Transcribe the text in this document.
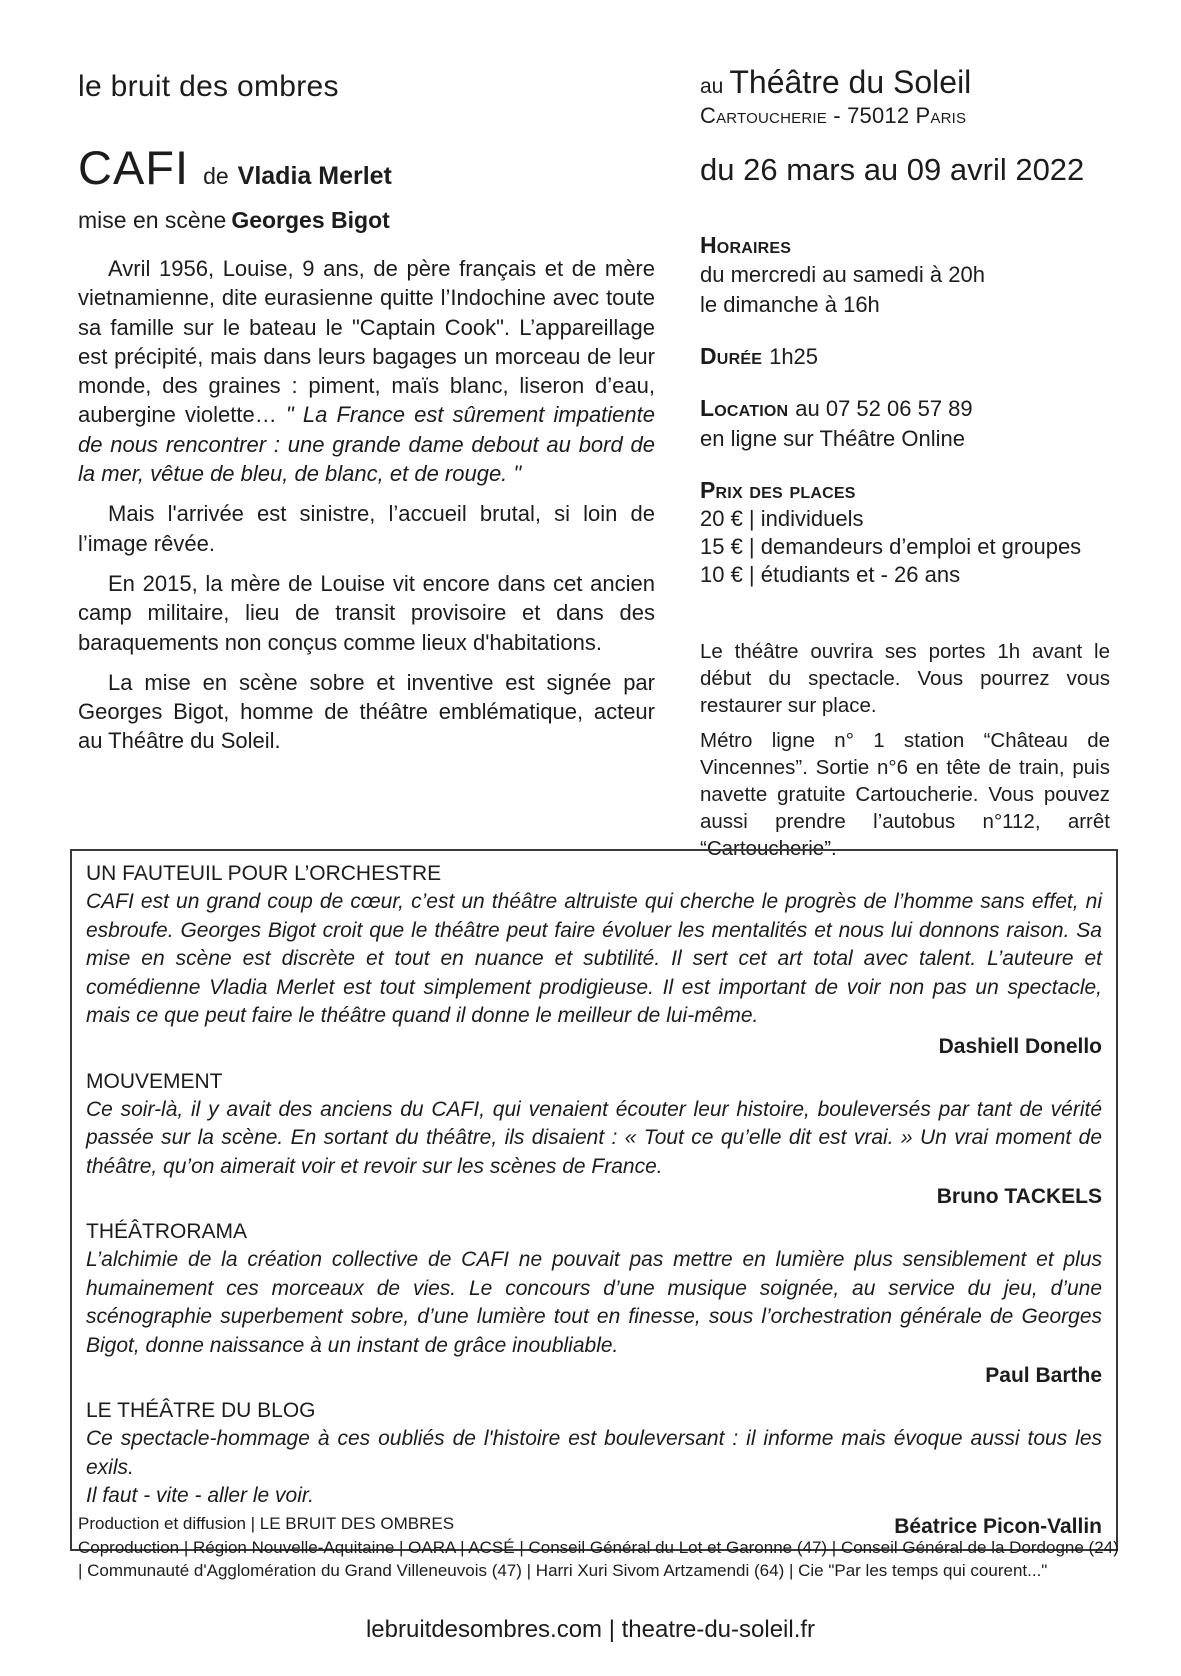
le bruit des ombres	au Théâtre du Soleil
Cartoucherie - 75012 Paris
CAFI de Vladia Merlet
mise en scène Georges Bigot
du 26 mars au 09 avril 2022

Avril 1956, Louise, 9 ans, de père français et de mère vietnamienne, dite eurasienne quitte l’Indochine avec toute sa famille sur le bateau le "Captain Cook". L’appareillage est précipité, mais dans leurs bagages un morceau de leur monde, des graines : piment, maïs blanc, liseron d’eau, aubergine violette… " La France est sûrement impatiente de nous rencontrer : une grande dame debout au bord de la mer, vêtue de bleu, de blanc, et de rouge. "

Mais l'arrivée est sinistre, l’accueil brutal, si loin de l’image rêvée.

En 2015, la mère de Louise vit encore dans cet ancien camp militaire, lieu de transit provisoire et dans des baraquements non conçus comme lieux d'habitations.

La mise en scène sobre et inventive est signée par Georges Bigot, homme de théâtre emblématique, acteur au Théâtre du Soleil.

Horaires
du mercredi au samedi à 20h
le dimanche à 16h
Durée 1h25
Location au 07 52 06 57 89
en ligne sur Théâtre Online
Prix des places
20 € | individuels
15 € | demandeurs d’emploi et groupes
10 € | étudiants et - 26 ans

Le théâtre ouvrira ses portes 1h avant le début du spectacle. Vous pourrez vous restaurer sur place.

Métro ligne n° 1 station “Château de Vincennes”. Sortie n°6 en tête de train, puis navette gratuite Cartoucherie. Vous pouvez aussi prendre l’autobus n°112, arrêt “Cartoucherie”.

UN FAUTEUIL POUR L’ORCHESTRE
CAFI est un grand coup de cœur, c’est un théâtre altruiste qui cherche le progrès de l’homme sans effet, ni esbroufe. Georges Bigot croit que le théâtre peut faire évoluer les mentalités et nous lui donnons raison. Sa mise en scène est discrète et tout en nuance et subtilité. Il sert cet art total avec talent. L’auteure et comédienne Vladia Merlet est tout simplement prodigieuse. Il est important de voir non pas un spectacle, mais ce que peut faire le théâtre quand il donne le meilleur de lui-même.
Dashiell Donello
MOUVEMENT
Ce soir-là, il y avait des anciens du CAFI, qui venaient écouter leur histoire, bouleversés par tant de vérité passée sur la scène. En sortant du théâtre, ils disaient : « Tout ce qu’elle dit est vrai. » Un vrai moment de théâtre, qu’on aimerait voir et revoir sur les scènes de France.
Bruno TACKELS
THÉÂTRORAMA
L’alchimie de la création collective de CAFI ne pouvait pas mettre en lumière plus sensiblement et plus humainement ces morceaux de vies. Le concours d’une musique soignée, au service du jeu, d’une scénographie superbement sobre, d’une lumière tout en finesse, sous l’orchestration générale de Georges Bigot, donne naissance à un instant de grâce inoubliable.
Paul Barthe
LE THÉÂTRE DU BLOG
Ce spectacle-hommage à ces oubliés de l'histoire est bouleversant : il informe mais évoque aussi tous les exils.
Il faut - vite - aller le voir.
Béatrice Picon-Vallin
Production et diffusion | LE BRUIT DES OMBRES
Coproduction | Région Nouvelle-Aquitaine | OARA | ACSÉ | Conseil Général du Lot et Garonne (47) | Conseil Général de la Dordogne (24) | Communauté d'Agglomération du Grand Villeneuvois (47) | Harri Xuri Sivom Artzamendi (64) | Cie "Par les temps qui courent..."
lebruitdesombres.com | theatre-du-soleil.fr
